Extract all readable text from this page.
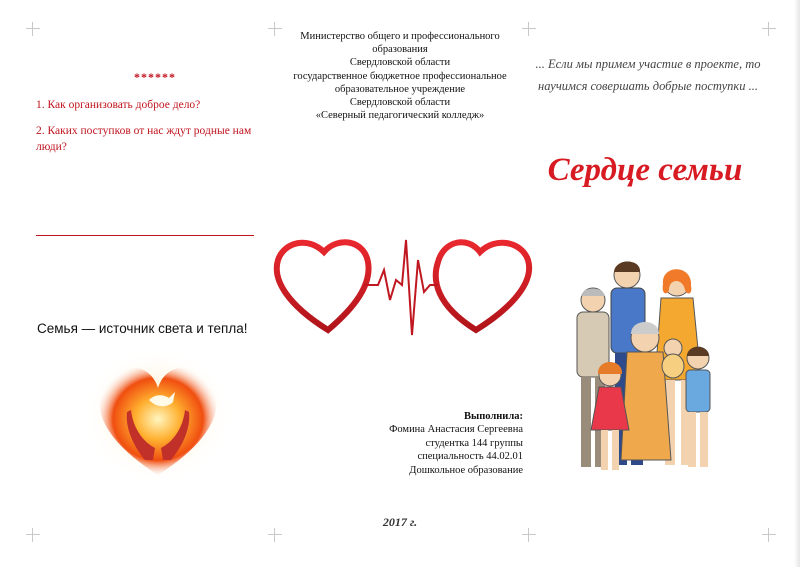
******
1. Как организовать доброе дело?
2. Каких поступков от нас ждут родные нам люди?
Семья — источник света и тепла!
Министерство общего и профессионального образования
Свердловской области
государственное бюджетное профессиональное образовательное учреждение
Свердловской области
«Северный педагогический колледж»
Выполнила:
Фомина Анастасия Сергеевна
студентка 144 группы
специальность 44.02.01
Дошкольное образование
2017 г.
... Если мы примем участие в проекте, то научимся совершать добрые поступки ...
Сердце семьи
